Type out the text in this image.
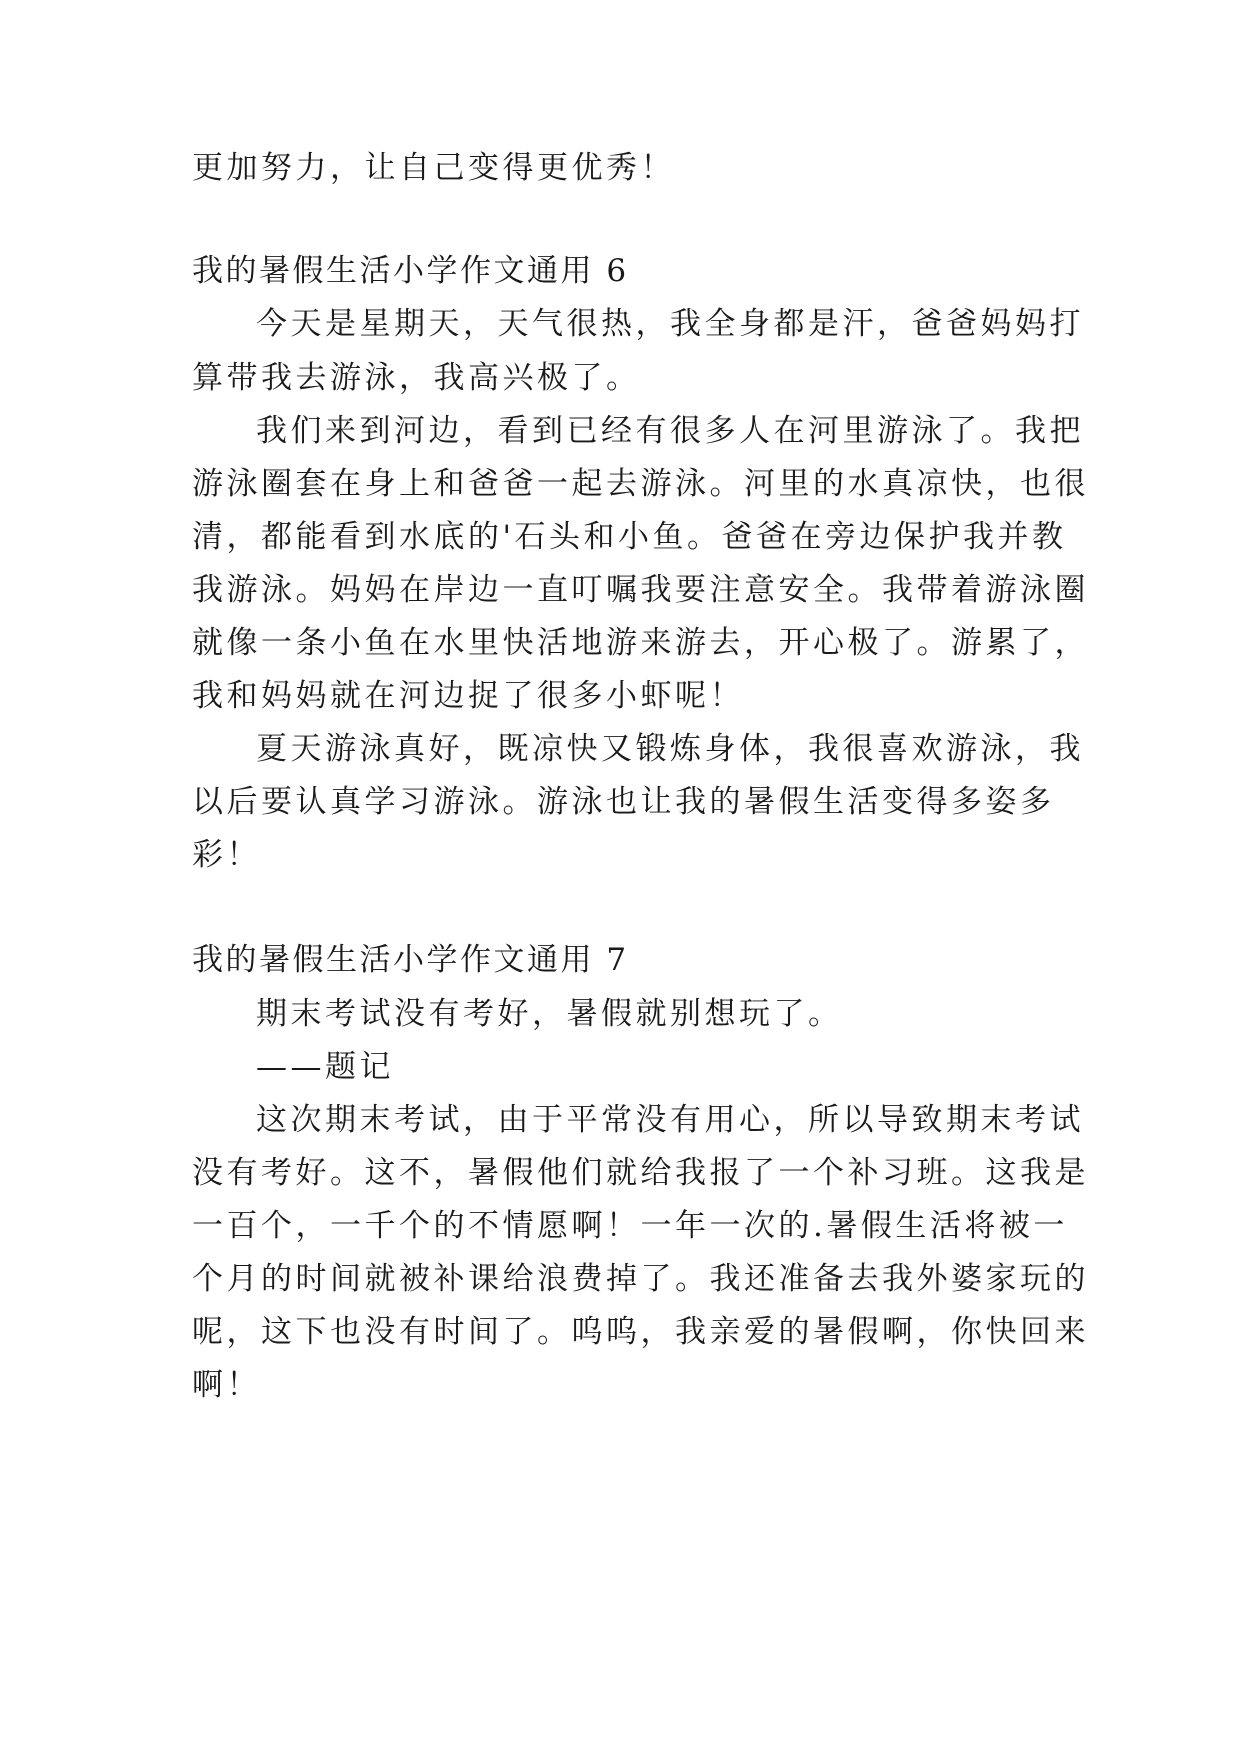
更加努力，让自己变得更优秀！
我的暑假生活小学作文通用 6
今天是星期天，天气很热，我全身都是汗，爸爸妈妈打
算带我去游泳，我高兴极了。
我们来到河边，看到已经有很多人在河里游泳了。我把
游泳圈套在身上和爸爸一起去游泳。河里的水真凉快，也很
清，都能看到水底的'石头和小鱼。爸爸在旁边保护我并教
我游泳。妈妈在岸边一直叮嘱我要注意安全。我带着游泳圈
就像一条小鱼在水里快活地游来游去，开心极了。游累了，
我和妈妈就在河边捉了很多小虾呢！
夏天游泳真好，既凉快又锻炼身体，我很喜欢游泳，我
以后要认真学习游泳。游泳也让我的暑假生活变得多姿多
彩！
我的暑假生活小学作文通用 7
期末考试没有考好，暑假就别想玩了。
——题记
这次期末考试，由于平常没有用心，所以导致期末考试
没有考好。这不，暑假他们就给我报了一个补习班。这我是
一百个，一千个的不情愿啊！一年一次的.暑假生活将被一
个月的时间就被补课给浪费掉了。我还准备去我外婆家玩的
呢，这下也没有时间了。呜呜，我亲爱的暑假啊，你快回来
啊！
